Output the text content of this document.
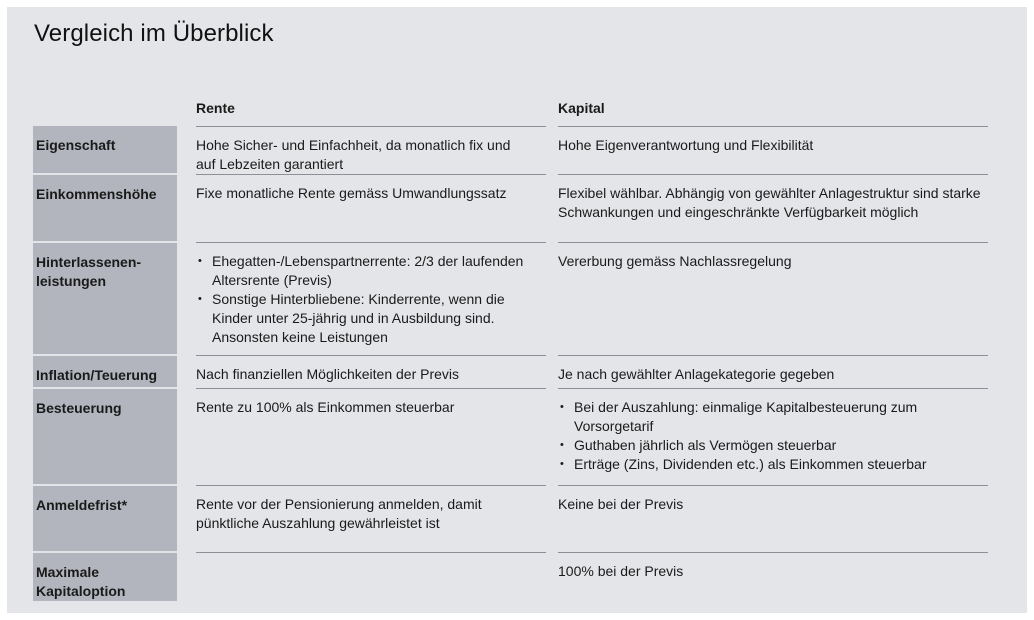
Vergleich im Überblick
Rente	Kapital
Eigenschaft
Einkommenshöhe
Hinterlassenen-leistungen
Inflation/Teuerung
Besteuerung
Anmeldefrist*
Maximale Kapitaloption
Hohe Sicher- und Einfachheit, da monatlich fix und auf Lebzeiten garantiert
Hohe Eigenverantwortung und Flexibilität
Fixe monatliche Rente gemäss Umwandlungssatz	Flexibel wählbar. Abhängig von gewählter Anlagestruktur sind starke Schwankungen und eingeschränkte Verfügbarkeit möglich
• Ehegatten-/Lebenspartnerrente: 2/3 der laufenden Altersrente (Previs)
• Sonstige Hinterbliebene: Kinderrente, wenn die Kinder unter 25-jährig und in Ausbildung sind. Ansonsten keine Leistungen
Vererbung gemäss Nachlassregelung
Nach finanziellen Möglichkeiten der Previs	Je nach gewählter Anlagekategorie gegeben
Rente zu 100% als Einkommen steuerbar
•	Bei der Auszahlung: einmalige Kapitalbesteuerung zum Vorsorgetarif
• Guthaben jährlich als Vermögen steuerbar
• Erträge (Zins, Dividenden etc.) als Einkommen steuerbar
Rente vor der Pensionierung anmelden, damit pünktliche Auszahlung gewährleistet ist
Keine bei der Previs
100% bei der Previs
